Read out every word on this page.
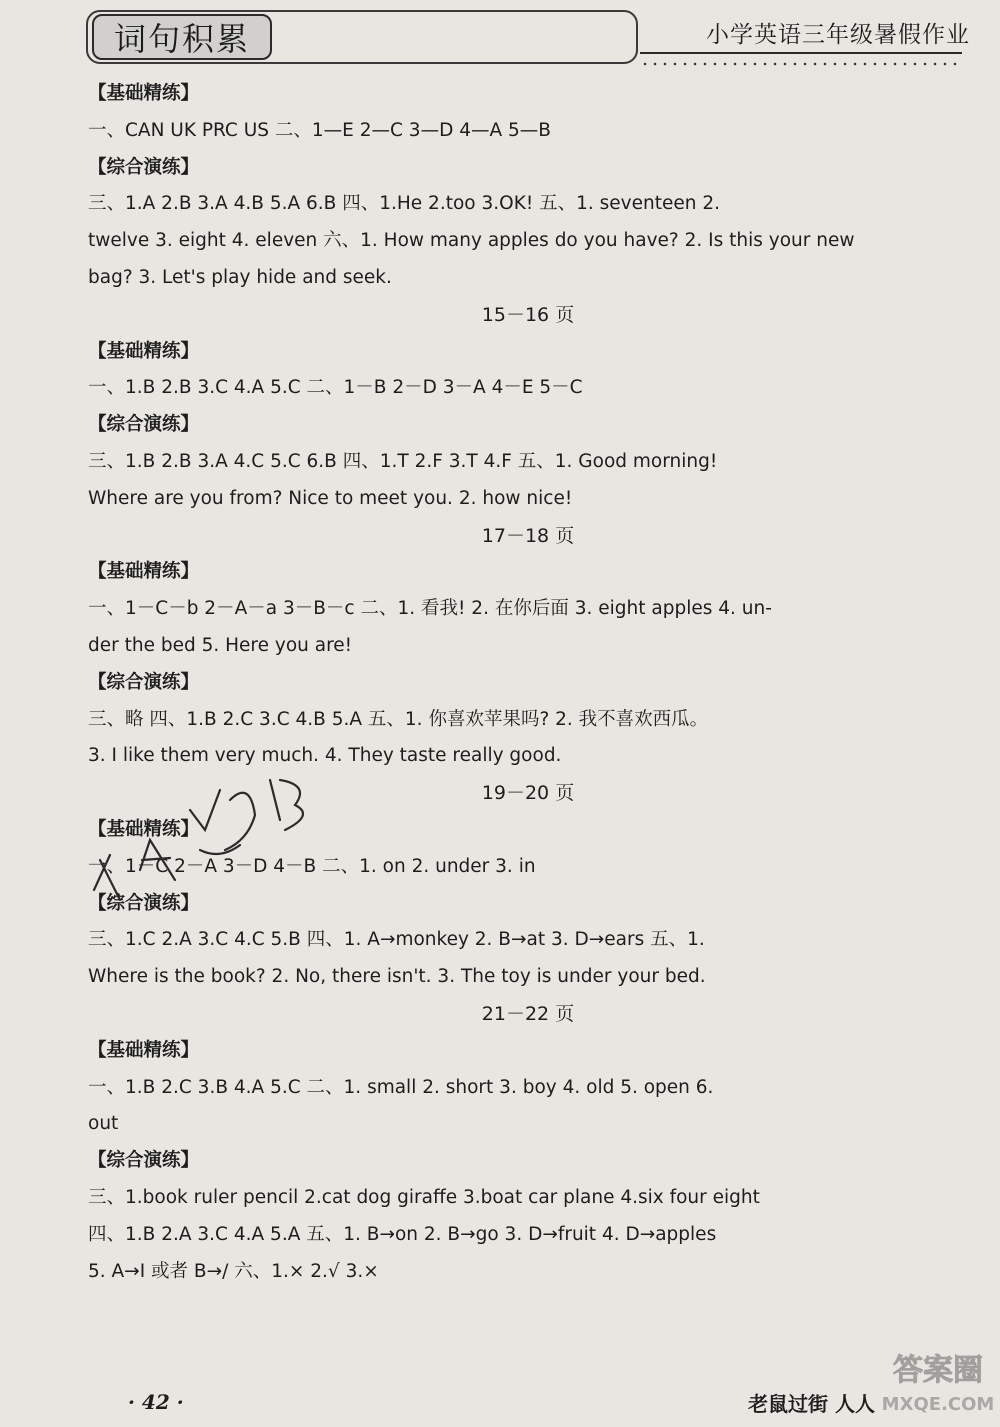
词句积累	小学英语三年级暑假作业
【基础精练】
一、CAN UK PRC US 二、1—E 2—C 3—D 4—A 5—B
【综合演练】
三、1.A 2.B 3.A 4.B 5.A 6.B 四、1.He 2.too 3.OK! 五、1. seventeen 2.
twelve 3. eight 4. eleven 六、1. How many apples do you have? 2. Is this your new
bag? 3. Let's play hide and seek.
15－16 页
【基础精练】
一、1.B 2.B 3.C 4.A 5.C 二、1－B 2－D 3－A 4－E 5－C
【综合演练】
三、1.B 2.B 3.A 4.C 5.C 6.B 四、1.T 2.F 3.T 4.F 五、1. Good morning!
Where are you from? Nice to meet you. 2. how nice!
17－18 页
【基础精练】
一、1－C－b 2－A－a 3－B－c 二、1. 看我! 2. 在你后面 3. eight apples 4. un-
der the bed 5. Here you are!
【综合演练】
三、略 四、1.B 2.C 3.C 4.B 5.A 五、1. 你喜欢苹果吗? 2. 我不喜欢西瓜。
3. I like them very much. 4. They taste really good.
19－20 页
【基础精练】
一、1－C 2－A 3－D 4－B 二、1. on 2. under 3. in
【综合演练】
三、1.C 2.A 3.C 4.C 5.B 四、1. A→monkey 2. B→at 3. D→ears 五、1.
Where is the book? 2. No, there isn't. 3. The toy is under your bed.
21－22 页
【基础精练】
一、1.B 2.C 3.B 4.A 5.C 二、1. small 2. short 3. boy 4. old 5. open 6.
out
【综合演练】
三、1.book ruler pencil 2.cat dog giraffe 3.boat car plane 4.six four eight
四、1.B 2.A 3.C 4.A 5.A 五、1. B→on 2. B→go 3. D→fruit 4. D→apples
5. A→I 或者 B→/ 六、1.× 2.√ 3.×
· 42 ·	老鼠过街 人人
答案圈
MXQE.COM
